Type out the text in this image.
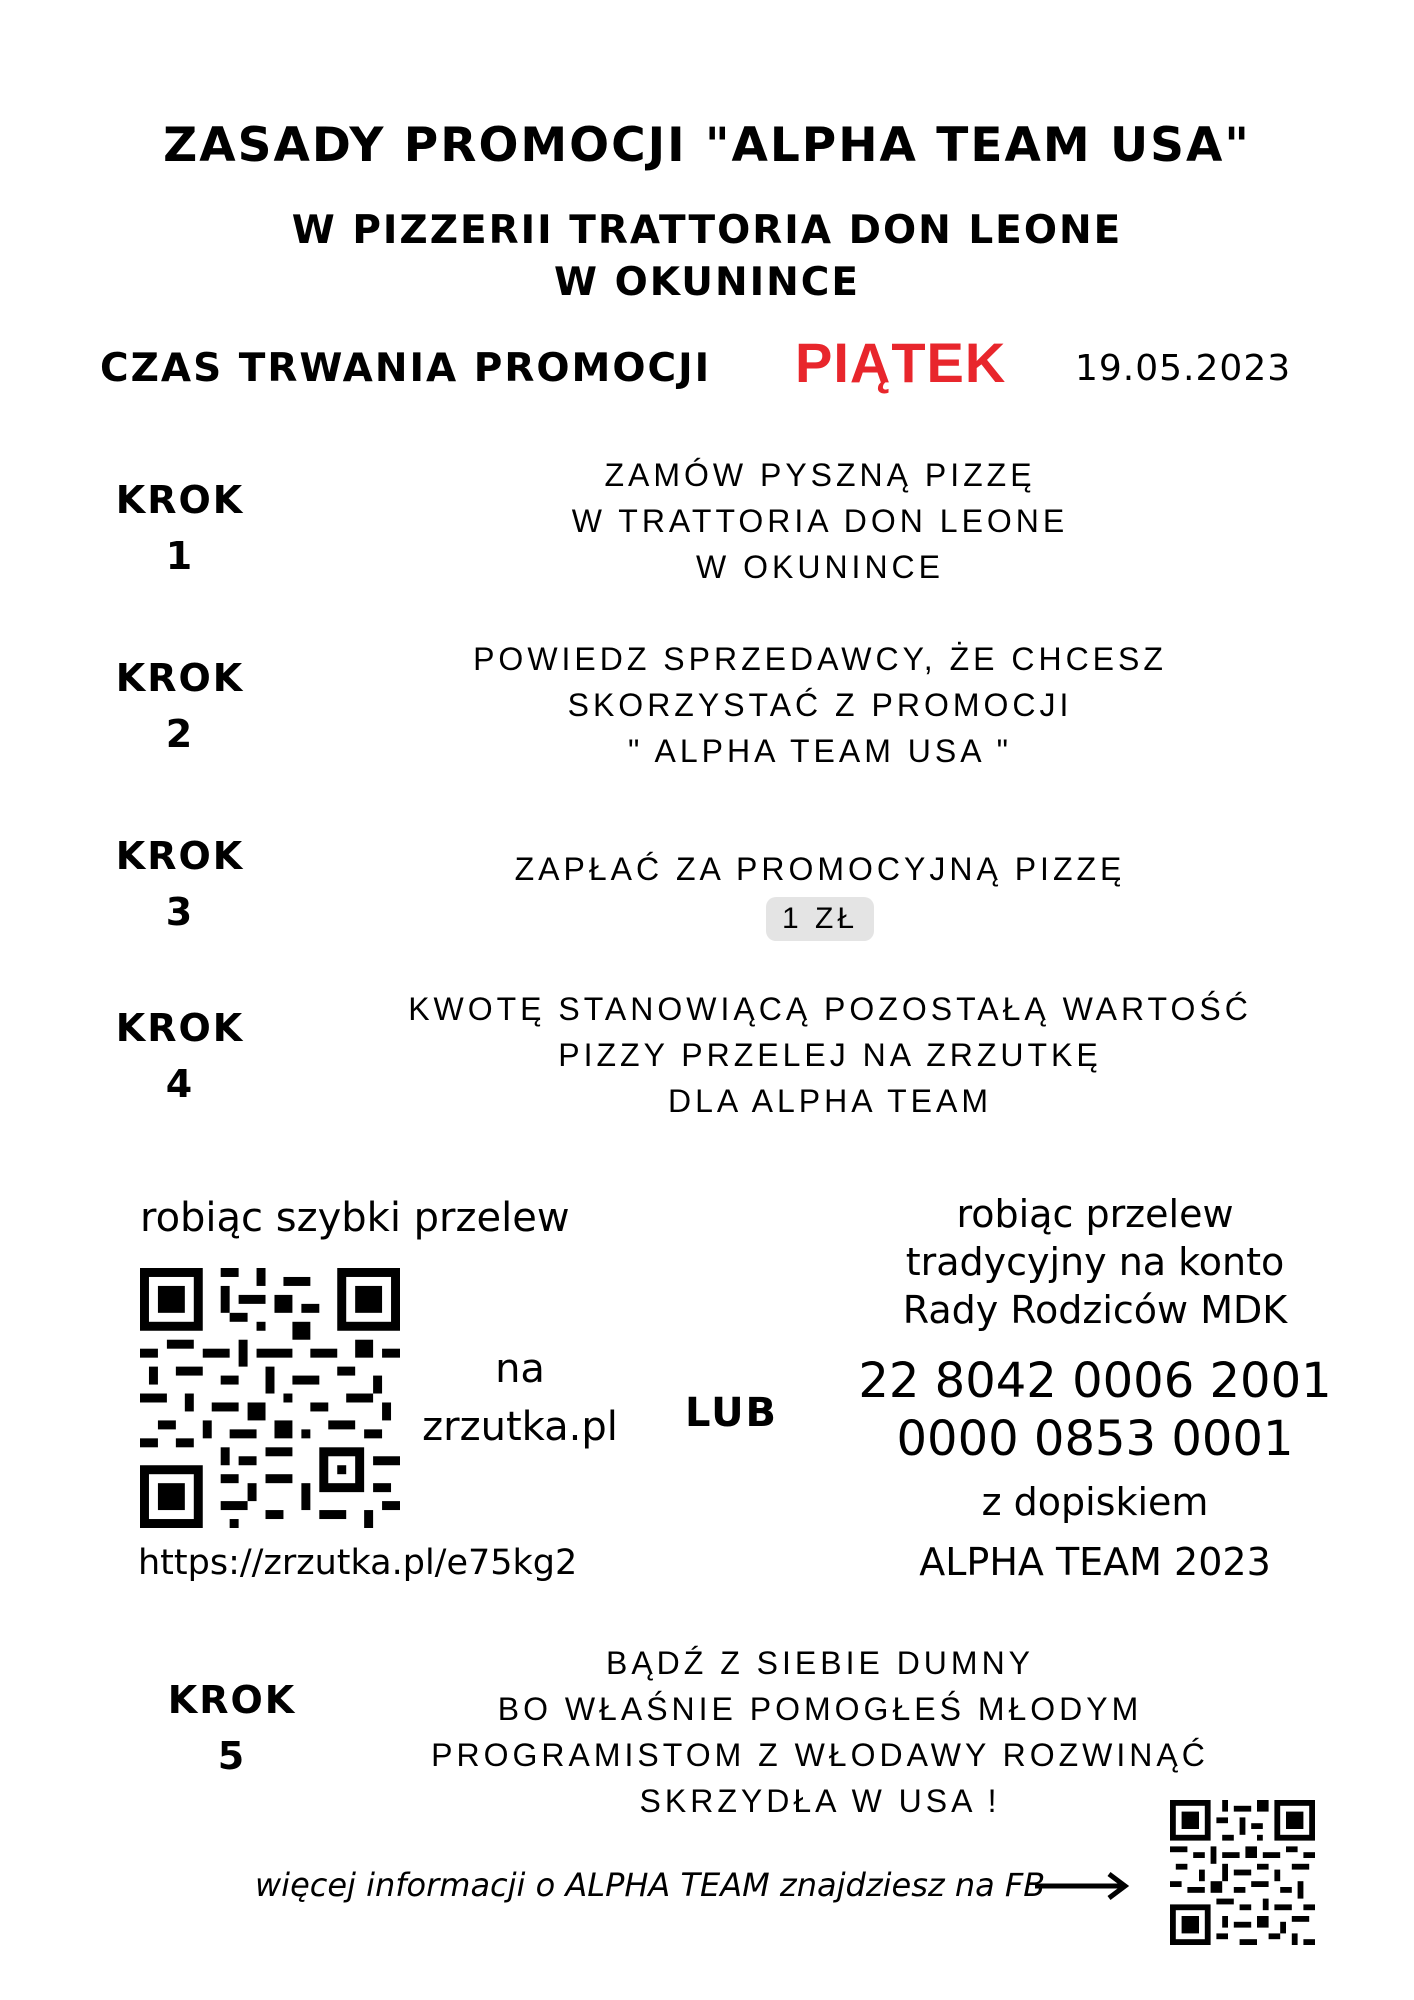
ZASADY PROMOCJI "ALPHA TEAM USA"
W PIZZERII TRATTORIA DON LEONE
W OKUNINCE
CZAS TRWANIA PROMOCJI PIĄTEK 19.05.2023
KROK
1
ZAMÓW PYSZNĄ PIZZĘ
W TRATTORIA DON LEONE
W OKUNINCE
KROK
2
POWIEDZ SPRZEDAWCY, ŻE CHCESZ
SKORZYSTAĆ Z PROMOCJI
" ALPHA TEAM USA "
KROK
3
ZAPŁAĆ ZA PROMOCYJNĄ PIZZĘ
1 ZŁ
KROK
4
KWOTĘ STANOWIĄCĄ POZOSTAŁĄ WARTOŚĆ
PIZZY PRZELEJ NA ZRZUTKĘ
DLA ALPHA TEAM
robiąc szybki przelew
na
zrzutka.pl
https://zrzutka.pl/e75kg2
LUB
robiąc przelew
tradycyjny na konto
Rady Rodziców MDK
22 8042 0006 2001
0000 0853 0001
z dopiskiem
ALPHA TEAM 2023
KROK
5
BĄDŹ Z SIEBIE DUMNY
BO WŁAŚNIE POMOGŁEŚ MŁODYM
PROGRAMISTOM Z WŁODAWY ROZWINĄĆ
SKRZYDŁA W USA !
więcej informacji o ALPHA TEAM znajdziesz na FB
